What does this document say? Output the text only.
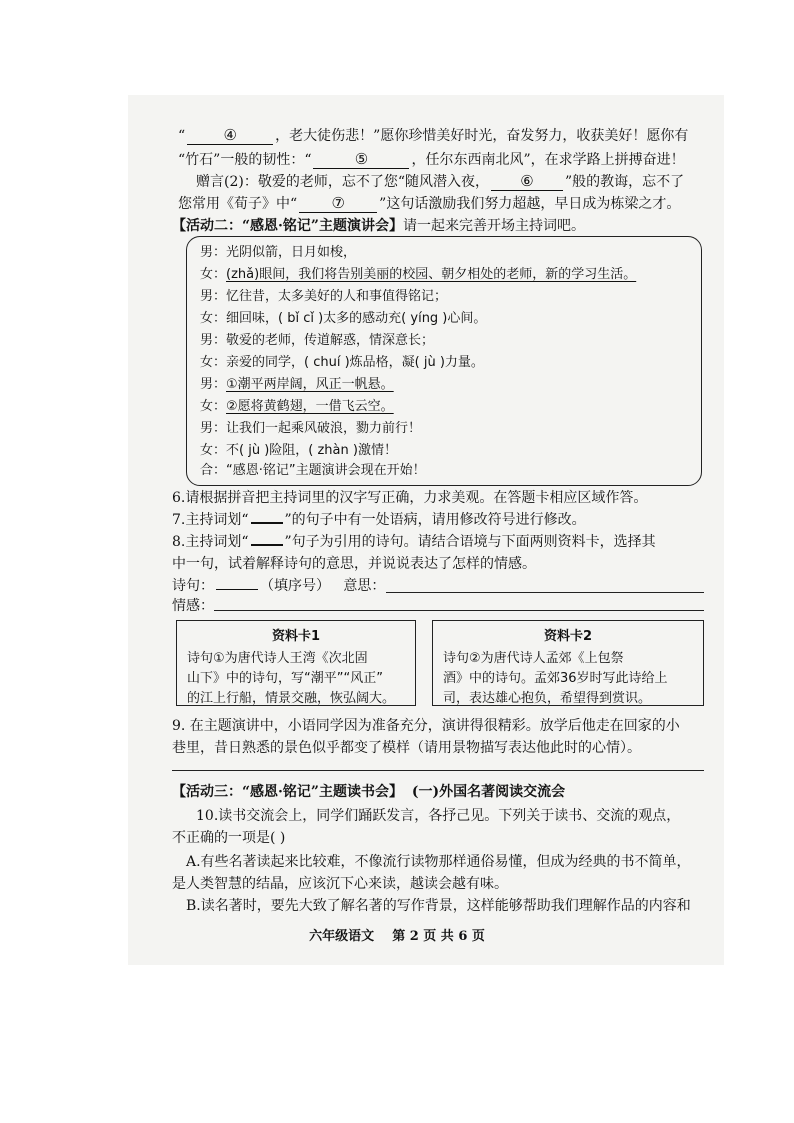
“	④	，老大徒伤悲！”愿你珍惜美好时光，奋发努力，收获美好！愿你有
“竹石”一般的韧性：“	⑤	，任尔东西南北风”，在求学路上拼搏奋进！
赠言(2)：敬爱的老师，忘不了您“随风潜入夜， ⑥ ”般的教诲，忘不了
您常用《荀子》中“ ⑦ ”这句话激励我们努力超越，早日成为栋梁之才。
【活动二：“感恩·铭记”主题演讲会】请一起来完善开场主持词吧。
男：光阴似箭，日月如梭，
女：(zhǎ)眼间，我们将告别美丽的校园、朝夕相处的老师，新的学习生活。
男：忆往昔，太多美好的人和事值得铭记；
女：细回味，( bǐ cǐ )太多的感动充( yíng )心间。
男：敬爱的老师，传道解惑，情深意长；
女：亲爱的同学，( chuí )炼品格，凝( jù )力量。
男：①潮平两岸阔，风正一帆悬。
女：②愿将黄鹤翅，一借飞云空。
男：让我们一起乘风破浪，勠力前行！
女：不( jù )险阻，( zhàn )激情！
合：“感恩·铭记”主题演讲会现在开始！
6.请根据拼音把主持词里的汉字写正确，力求美观。在答题卡相应区域作答。
7.主持词划“	”的句子中有一处语病，请用修改符号进行修改。
8.主持词划“	”句子为引用的诗句。请结合语境与下面两则资料卡，选择其
中一句，试着解释诗句的意思，并说说表达了怎样的情感。
诗句：	（填序号） 意思：
情感：
资料卡1
诗句①为唐代诗人王湾《次北固
山下》中的诗句，写“潮平”“风正”
的江上行船，情景交融，恢弘阔大。
资料卡2
诗句②为唐代诗人孟郊《上包祭
酒》中的诗句。孟郊36岁时写此诗给上
司，表达雄心抱负，希望得到赏识。
9. 在主题演讲中，小语同学因为准备充分，演讲得很精彩。放学后他走在回家的小
巷里，昔日熟悉的景色似乎都变了模样（请用景物描写表达他此时的心情）。
【活动三：“感恩·铭记”主题读书会】 (一)外国名著阅读交流会
10.读书交流会上，同学们踊跃发言，各抒己见。下列关于读书、交流的观点，
不正确的一项是( )
A.有些名著读起来比较难，不像流行读物那样通俗易懂，但成为经典的书不简单，
是人类智慧的结晶，应该沉下心来读，越读会越有味。
B.读名著时，要先大致了解名著的写作背景，这样能够帮助我们理解作品的内容和
六年级语文 第 2 页 共 6 页
